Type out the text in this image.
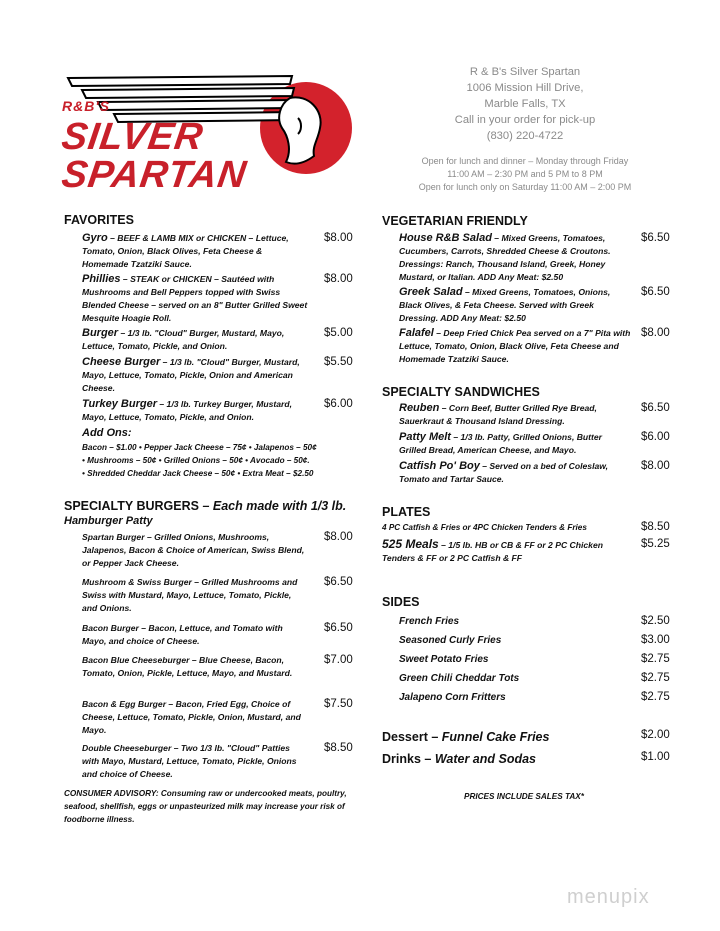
R&B'S
SILVER
SPARTAN
R & B's Silver Spartan
1006 Mission Hill Drive,
Marble Falls, TX
Call in your order for pick-up
(830) 220-4722
Open for lunch and dinner – Monday through Friday
11:00 AM – 2:30 PM and 5 PM to 8 PM
Open for lunch only on Saturday 11:00 AM – 2:00 PM
FAVORITES
Gyro – BEEF & LAMB MIX or CHICKEN – Lettuce, Tomato, Onion, Black Olives, Feta Cheese & Homemade Tzatziki Sauce.
$8.00
Phillies – STEAK or CHICKEN – Sautéed with Mushrooms and Bell Peppers topped with Swiss Blended Cheese – served on an 8" Butter Grilled Sweet Mesquite Hoagie Roll.
$8.00
Burger – 1/3 lb. "Cloud" Burger, Mustard, Mayo, Lettuce, Tomato, Pickle, and Onion.
$5.00
Cheese Burger – 1/3 lb. "Cloud" Burger, Mustard, Mayo, Lettuce, Tomato, Pickle, Onion and American Cheese.
$5.50
Turkey Burger – 1/3 lb. Turkey Burger, Mustard, Mayo, Lettuce, Tomato, Pickle, and Onion.
$6.00
Add Ons:
Bacon – $1.00 • Pepper Jack Cheese – 75¢ • Jalapenos – 50¢
• Mushrooms – 50¢ • Grilled Onions – 50¢ • Avocado – 50¢.
• Shredded Cheddar Jack Cheese – 50¢ • Extra Meat – $2.50
SPECIALTY BURGERS – Each made with 1/3 lb.
Hamburger Patty
Spartan Burger – Grilled Onions, Mushrooms, Jalapenos, Bacon & Choice of American, Swiss Blend, or Pepper Jack Cheese.
$8.00
Mushroom & Swiss Burger – Grilled Mushrooms and Swiss with Mustard, Mayo, Lettuce, Tomato, Pickle, and Onions.
$6.50
Bacon Burger – Bacon, Lettuce, and Tomato with Mayo, and choice of Cheese.
$6.50
Bacon Blue Cheeseburger – Blue Cheese, Bacon, Tomato, Onion, Pickle, Lettuce, Mayo, and Mustard.
$7.00
Bacon & Egg Burger – Bacon, Fried Egg, Choice of Cheese, Lettuce, Tomato, Pickle, Onion, Mustard, and Mayo.
$7.50
Double Cheeseburger – Two 1/3 lb. "Cloud" Patties with Mayo, Mustard, Lettuce, Tomato, Pickle, Onions and choice of Cheese.
$8.50
CONSUMER ADVISORY: Consuming raw or undercooked meats, poultry, seafood, shellfish, eggs or unpasteurized milk may increase your risk of foodborne illness.
VEGETARIAN FRIENDLY
House R&B Salad – Mixed Greens, Tomatoes, Cucumbers, Carrots, Shredded Cheese & Croutons. Dressings: Ranch, Thousand Island, Greek, Honey Mustard, or Italian. ADD Any Meat: $2.50
$6.50
Greek Salad – Mixed Greens, Tomatoes, Onions, Black Olives, & Feta Cheese. Served with Greek Dressing. ADD Any Meat: $2.50
$6.50
Falafel – Deep Fried Chick Pea served on a 7" Pita with Lettuce, Tomato, Onion, Black Olive, Feta Cheese and Homemade Tzatziki Sauce.
$8.00
SPECIALTY SANDWICHES
Reuben – Corn Beef, Butter Grilled Rye Bread, Sauerkraut & Thousand Island Dressing.
$6.50
Patty Melt – 1/3 lb. Patty, Grilled Onions, Butter Grilled Bread, American Cheese, and Mayo.
$6.00
Catfish Po' Boy – Served on a bed of Coleslaw, Tomato and Tartar Sauce.
$8.00
PLATES
4 PC Catfish & Fries or 4PC Chicken Tenders & Fries	$8.50
525 Meals – 1/5 lb. HB or CB & FF or 2 PC Chicken Tenders & FF or 2 PC Catfish & FF
$5.25
SIDES
French Fries	$2.50
Seasoned Curly Fries	$3.00
Sweet Potato Fries	$2.75
Green Chili Cheddar Tots	$2.75
Jalapeno Corn Fritters	$2.75
Dessert – Funnel Cake Fries	$2.00
Drinks – Water and Sodas	$1.00
PRICES INCLUDE SALES TAX*
menupix
